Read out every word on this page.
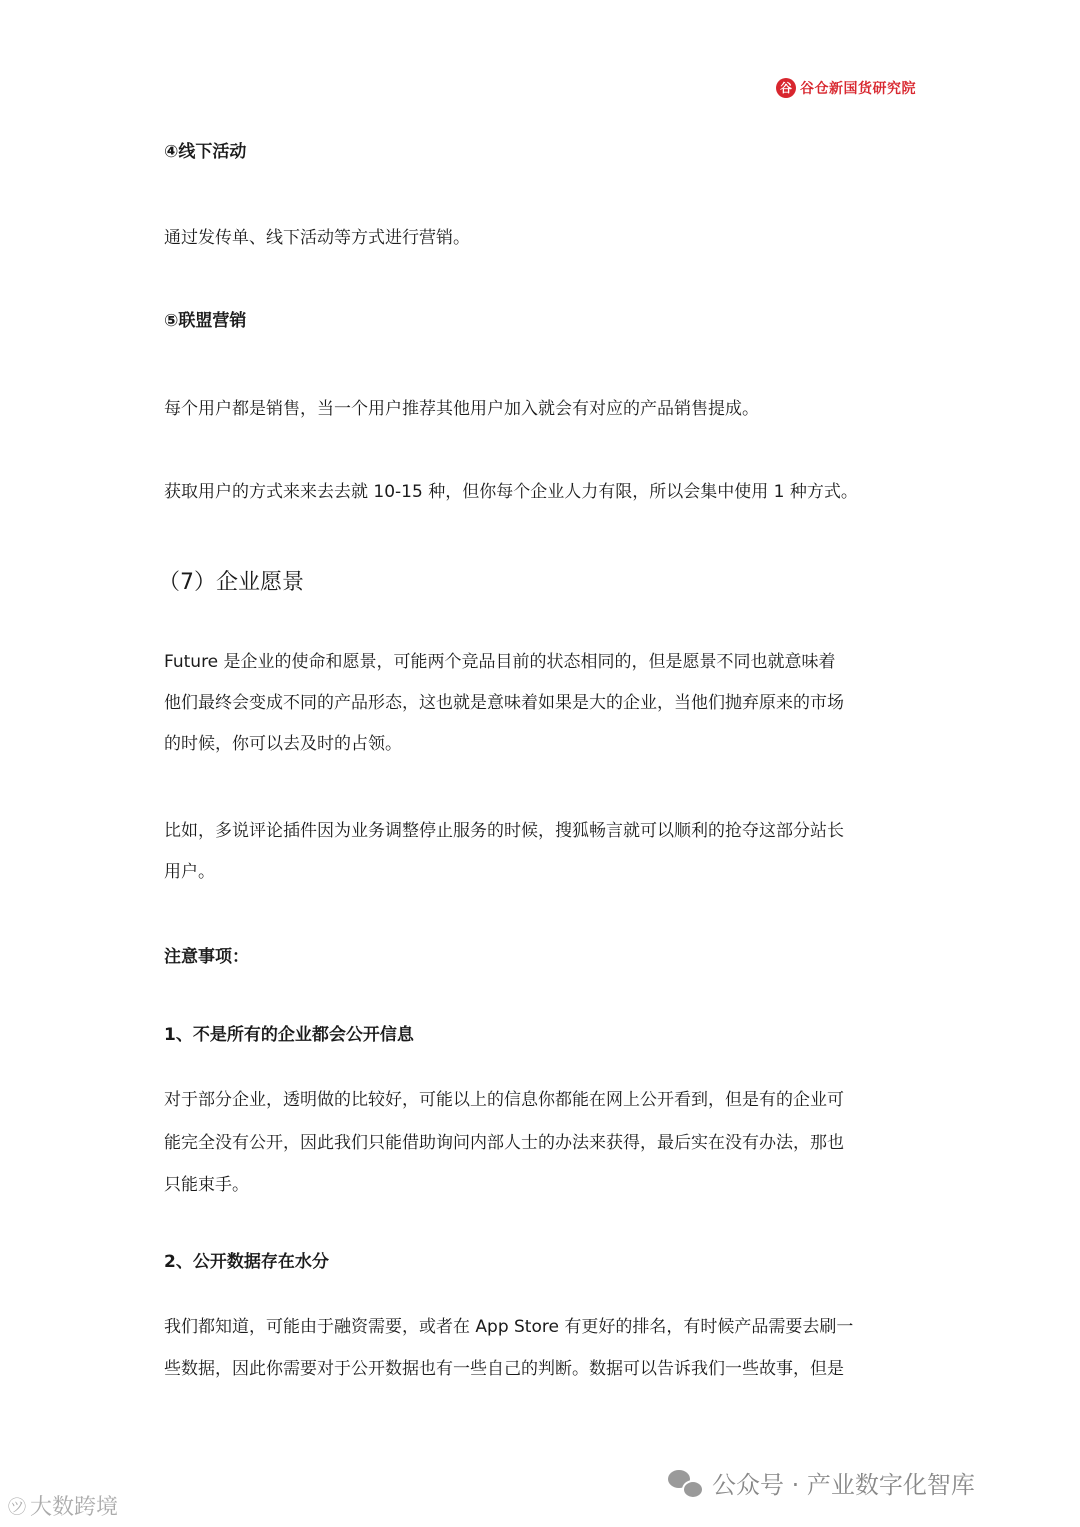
谷 谷仓新国货研究院
④线下活动
通过发传单、线下活动等方式进行营销。
⑤联盟营销
每个用户都是销售，当一个用户推荐其他用户加入就会有对应的产品销售提成。
获取用户的方式来来去去就 10-15 种，但你每个企业人力有限，所以会集中使用 1 种方式。
（7）企业愿景
Future 是企业的使命和愿景，可能两个竞品目前的状态相同的，但是愿景不同也就意味着
他们最终会变成不同的产品形态，这也就是意味着如果是大的企业，当他们抛弃原来的市场
的时候，你可以去及时的占领。
比如，多说评论插件因为业务调整停止服务的时候，搜狐畅言就可以顺利的抢夺这部分站长
用户。
注意事项：
1、不是所有的企业都会公开信息
对于部分企业，透明做的比较好，可能以上的信息你都能在网上公开看到，但是有的企业可
能完全没有公开，因此我们只能借助询问内部人士的办法来获得，最后实在没有办法，那也
只能束手。
2、公开数据存在水分
我们都知道，可能由于融资需要，或者在 App Store 有更好的排名，有时候产品需要去刷一
些数据，因此你需要对于公开数据也有一些自己的判断。数据可以告诉我们一些故事，但是
公众号 · 产业数字化智库
㋡ 大数跨境
